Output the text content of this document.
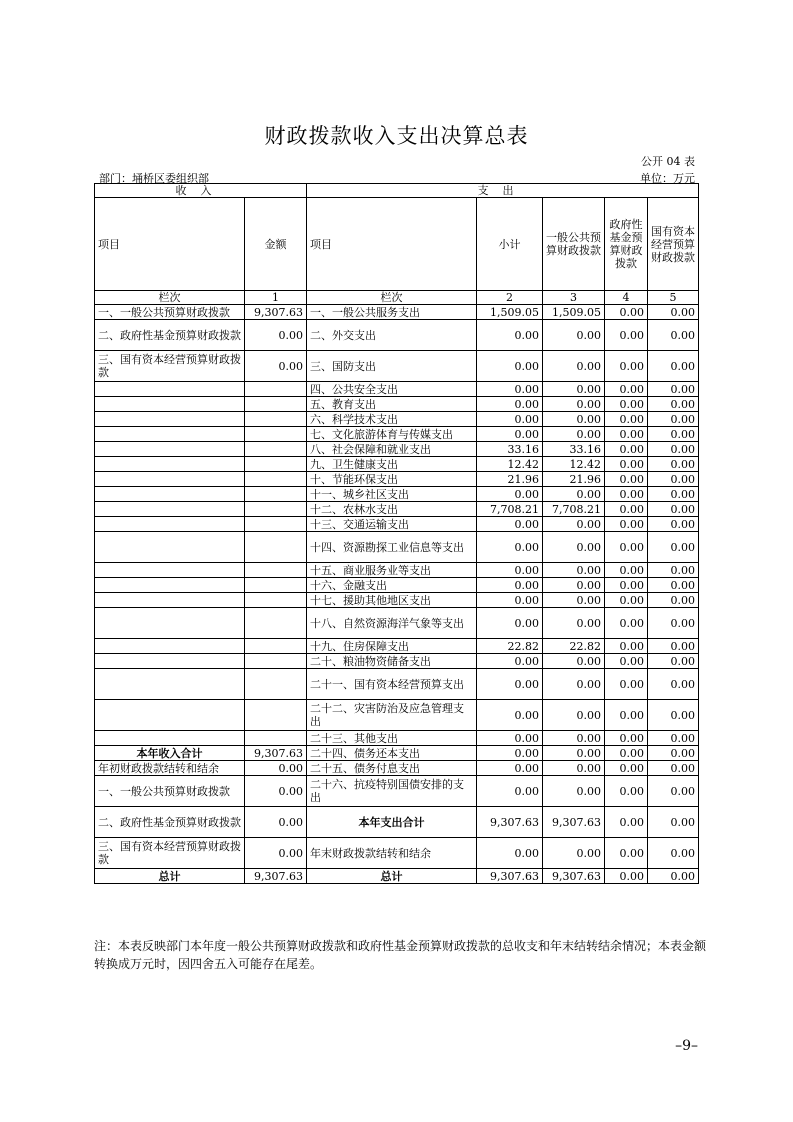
财政拨款收入支出决算总表
公开 04 表
部门：埇桥区委组织部	单位：万元
收入		支出				
项目	金额	项目	小计	一般公共预算财政拨款	政府性基金预算财政拨款	国有资本经营预算财政拨款
栏次	1	栏次	2	3	4	5
一、一般公共预算财政拨款	9,307.63	一、一般公共服务支出	1,509.05	1,509.05	0.00	0.00
二、政府性基金预算财政拨款	0.00	二、外交支出	0.00	0.00	0.00	0.00
三、国有资本经营预算财政拨款	0.00	三、国防支出	0.00	0.00	0.00	0.00
		四、公共安全支出	0.00	0.00	0.00	0.00
		五、教育支出	0.00	0.00	0.00	0.00
		六、科学技术支出	0.00	0.00	0.00	0.00
		七、文化旅游体育与传媒支出	0.00	0.00	0.00	0.00
		八、社会保障和就业支出	33.16	33.16	0.00	0.00
		九、卫生健康支出	12.42	12.42	0.00	0.00
		十、节能环保支出	21.96	21.96	0.00	0.00
		十一、城乡社区支出	0.00	0.00	0.00	0.00
		十二、农林水支出	7,708.21	7,708.21	0.00	0.00
		十三、交通运输支出	0.00	0.00	0.00	0.00
		十四、资源勘探工业信息等支出	0.00	0.00	0.00	0.00
		十五、商业服务业等支出	0.00	0.00	0.00	0.00
		十六、金融支出	0.00	0.00	0.00	0.00
		十七、援助其他地区支出	0.00	0.00	0.00	0.00
		十八、自然资源海洋气象等支出	0.00	0.00	0.00	0.00
		十九、住房保障支出	22.82	22.82	0.00	0.00
		二十、粮油物资储备支出	0.00	0.00	0.00	0.00
		二十一、国有资本经营预算支出	0.00	0.00	0.00	0.00
		二十二、灾害防治及应急管理支出	0.00	0.00	0.00	0.00
		二十三、其他支出	0.00	0.00	0.00	0.00
本年收入合计	9,307.63	二十四、债务还本支出	0.00	0.00	0.00	0.00
年初财政拨款结转和结余	0.00	二十五、债务付息支出	0.00	0.00	0.00	0.00
一、一般公共预算财政拨款	0.00	二十六、抗疫特别国债安排的支出	0.00	0.00	0.00	0.00
二、政府性基金预算财政拨款	0.00	本年支出合计	9,307.63	9,307.63	0.00	0.00
三、国有资本经营预算财政拨款	0.00	年末财政拨款结转和结余	0.00	0.00	0.00	0.00
总计	9,307.63	总计	9,307.63	9,307.63	0.00	0.00
注：本表反映部门本年度一般公共预算财政拨款和政府性基金预算财政拨款的总收支和年末结转结余情况；本表金额转换成万元时，因四舍五入可能存在尾差。
–9–
